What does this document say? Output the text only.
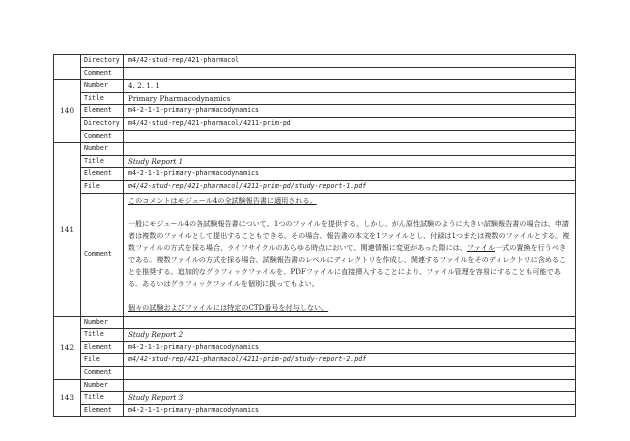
	Directory	m4/42-stud-rep/421-pharmacol
	Comment	
140	Number	4. 2. 1. 1
	Title	Primary Pharmacodynamics
	Element	m4-2-1-1-primary-pharmacodynamics
	Directory	m4/42-stud-rep/421-pharmacol/4211-prim-pd
	Comment	
141	Number	
	Title	Study Report 1
	Element	m4-2-1-1-primary-pharmacodynamics
	File	m4/42-stud-rep/421-pharmacol/4211-prim-pd/study-report-1.pdf
	Comment	このコメントはモジュール4の全試験報告書に適用される。
一般にモジュール4の各試験報告書について、1つのファイルを提供する。しかし、がん原性試験のように大きい試験報告書の場合は、申請者は複数のファイルとして提出することもできる。その場合、報告書の本文を1ファイルとし、付録は1つまたは複数のファイルとする。複数ファイルの方式を採る場合、ライフサイクルのあらゆる時点において、関連情報に変更があった際には、ファイル一式の置換を行うべきである。複数ファイルの方式を採る場合、試験報告書のレベルにディレクトリを作成し、関連するファイルをそのディレクトリに含めることを推奨する。追加的なグラフィックファイルを、PDFファイルに直接挿入することにより、ファイル管理を容易にすることも可能である。あるいはグラフィックファイルを個別に扱ってもよい。
個々の試験およびファイルには特定のCTD番号を付与しない。
142	Number	
	Title	Study Report 2
	Element	m4-2-1-1-primary-pharmacodynamics
	File	m4/42-stud-rep/421-pharmacol/4211-prim-pd/study-report-2.pdf
	Comment	
143	Number	
	Title	Study Report 3
	Element	m4-2-1-1-primary-pharmacodynamics
